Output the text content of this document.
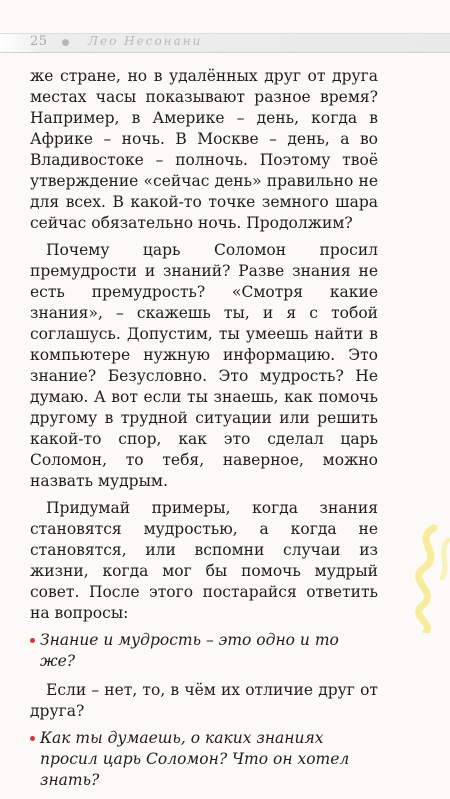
25	Лео Несонани

же стране, но в удалённых друг от друга местах часы показывают разное время? Например, в Америке – день, когда в Африке – ночь. В Москве – день, а во Владивостоке – полночь. Поэтому твоё утверждение «сейчас день» правильно не для всех. В какой-то точке земного шара сейчас обязательно ночь. Продолжим?

Почему царь Соломон просил премудрости и знаний? Разве знания не есть премудрость? «Смотря какие знания», – скажешь ты, и я с тобой соглашусь. Допустим, ты умеешь найти в компьютере нужную информацию. Это знание? Безусловно. Это мудрость? Не думаю. А вот если ты знаешь, как помочь другому в трудной ситуации или решить какой-то спор, как это сделал царь Соломон, то тебя, наверное, можно назвать мудрым.

Придумай примеры, когда знания становятся мудростью, а когда не становятся, или вспомни случаи из жизни, когда мог бы помочь мудрый совет. После этого постарайся ответить на вопросы:

Знание и мудрость – это одно и то же?

Если – нет, то, в чём их отличие друг от друга?

Как ты думаешь, о каких знаниях просил царь Соломон? Что он хотел знать?
